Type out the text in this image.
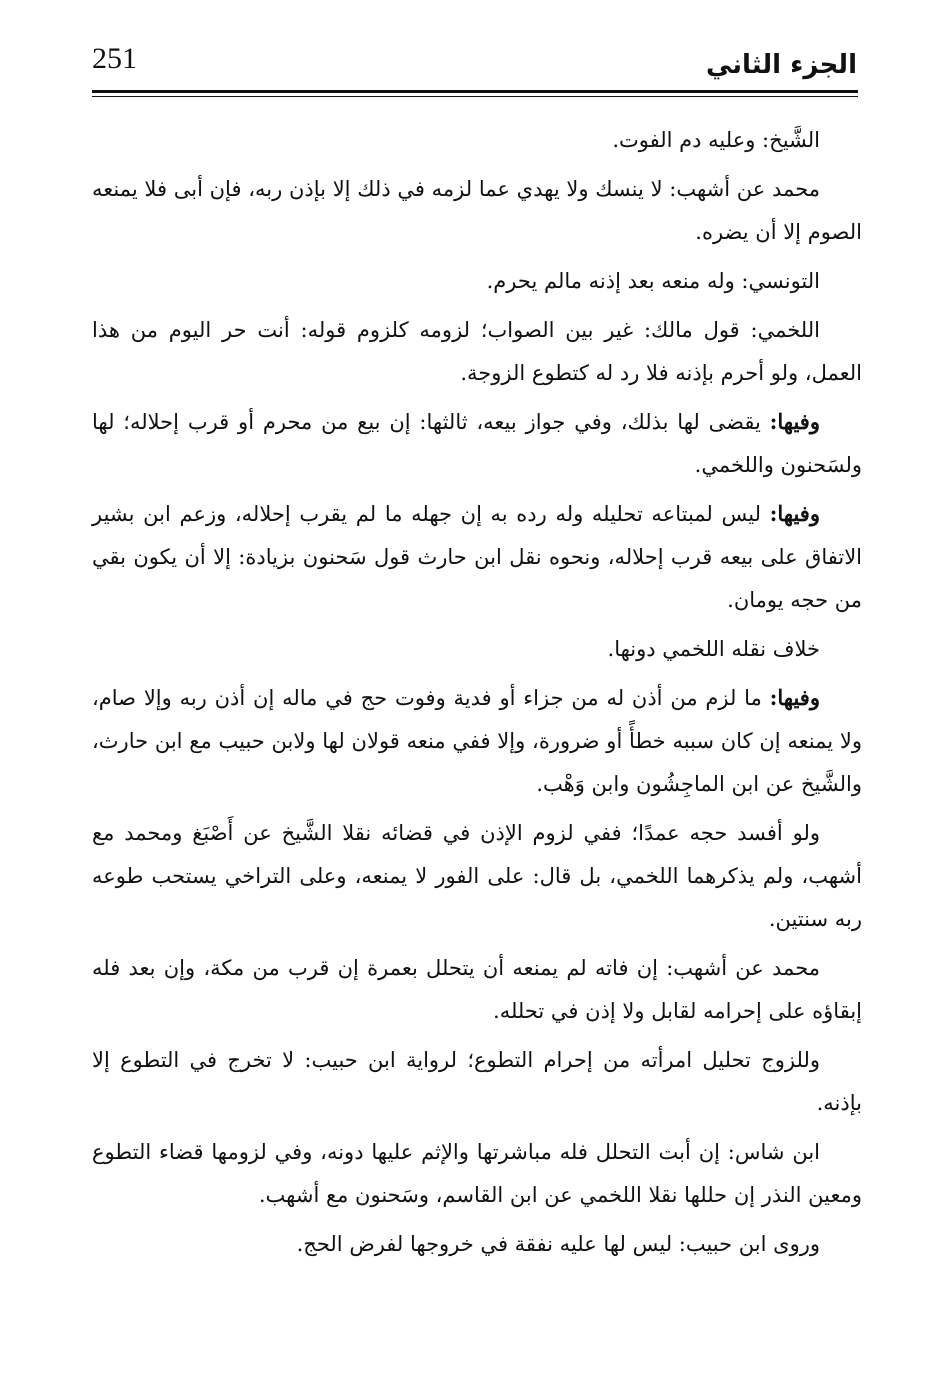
251	الجزء الثاني

الشَّيخ: وعليه دم الفوت.

محمد عن أشهب: لا ينسك ولا يهدي عما لزمه في ذلك إلا بإذن ربه، فإن أبى فلا يمنعه الصوم إلا أن يضره.

التونسي: وله منعه بعد إذنه مالم يحرم.

اللخمي: قول مالك: غير بين الصواب؛ لزومه كلزوم قوله: أنت حر اليوم من هذا العمل، ولو أحرم بإذنه فلا رد له كتطوع الزوجة.

وفيها: يقضى لها بذلك، وفي جواز بيعه، ثالثها: إن بيع من محرم أو قرب إحلاله؛ لها ولسَحنون واللخمي.

وفيها: ليس لمبتاعه تحليله وله رده به إن جهله ما لم يقرب إحلاله، وزعم ابن بشير الاتفاق على بيعه قرب إحلاله، ونحوه نقل ابن حارث قول سَحنون بزيادة: إلا أن يكون بقي من حجه يومان.

خلاف نقله اللخمي دونها.

وفيها: ما لزم من أذن له من جزاء أو فدية وفوت حج في ماله إن أذن ربه وإلا صام، ولا يمنعه إن كان سببه خطأً أو ضرورة، وإلا ففي منعه قولان لها ولابن حبيب مع ابن حارث، والشَّيخ عن ابن الماجِشُون وابن وَهْب.

ولو أفسد حجه عمدًا؛ ففي لزوم الإذن في قضائه نقلا الشَّيخ عن أَصْبَغ ومحمد مع أشهب، ولم يذكرهما اللخمي، بل قال: على الفور لا يمنعه، وعلى التراخي يستحب طوعه ربه سنتين.

محمد عن أشهب: إن فاته لم يمنعه أن يتحلل بعمرة إن قرب من مكة، وإن بعد فله إبقاؤه على إحرامه لقابل ولا إذن في تحلله.

وللزوج تحليل امرأته من إحرام التطوع؛ لرواية ابن حبيب: لا تخرج في التطوع إلا بإذنه.

ابن شاس: إن أبت التحلل فله مباشرتها والإثم عليها دونه، وفي لزومها قضاء التطوع ومعين النذر إن حللها نقلا اللخمي عن ابن القاسم، وسَحنون مع أشهب.

وروى ابن حبيب: ليس لها عليه نفقة في خروجها لفرض الحج.
